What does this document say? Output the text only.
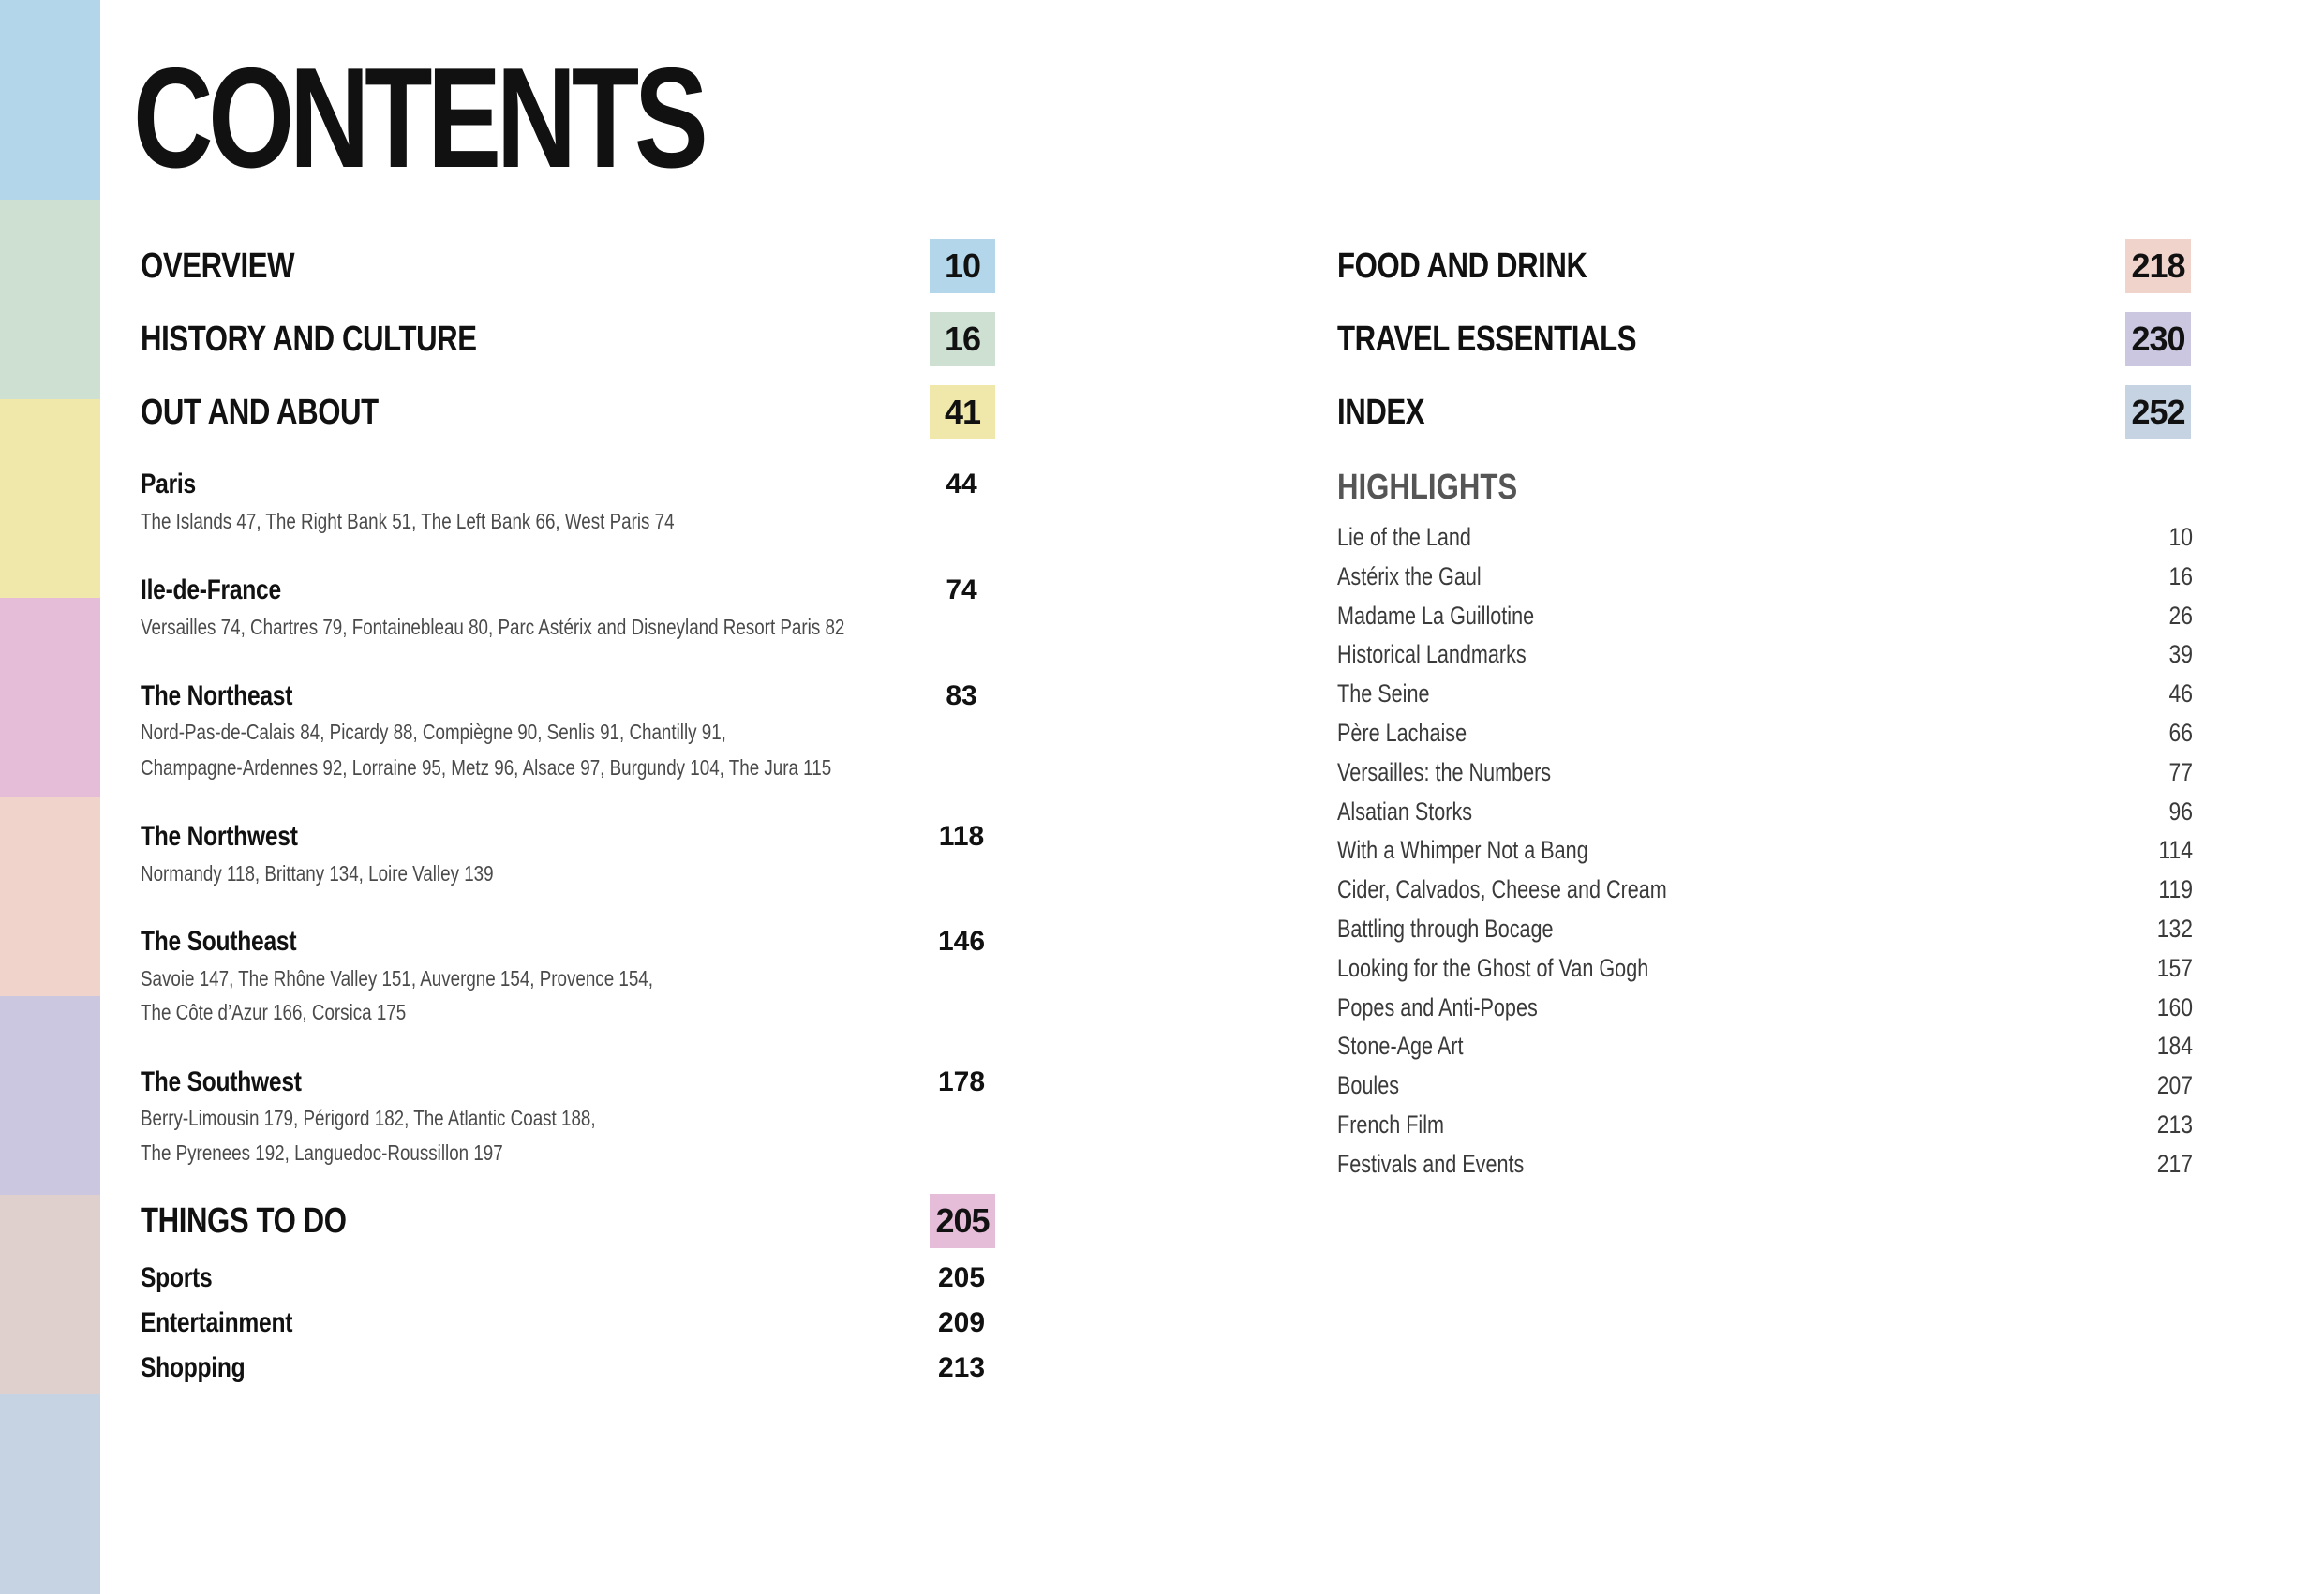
CONTENTS
OVERVIEW	10
HISTORY AND CULTURE	16
OUT AND ABOUT	41
Paris	44
The Islands 47, The Right Bank 51, The Left Bank 66, West Paris 74
Ile-de-France	74
Versailles 74, Chartres 79, Fontainebleau 80, Parc Astérix and Disneyland Resort Paris 82
The Northeast	83
Nord-Pas-de-Calais 84, Picardy 88, Compiègne 90, Senlis 91, Chantilly 91,
Champagne-Ardennes 92, Lorraine 95, Metz 96, Alsace 97, Burgundy 104, The Jura 115
The Northwest	118
Normandy 118, Brittany 134, Loire Valley 139
The Southeast	146
Savoie 147, The Rhône Valley 151, Auvergne 154, Provence 154,
The Côte d’Azur 166, Corsica 175
The Southwest	178
Berry-Limousin 179, Périgord 182, The Atlantic Coast 188,
The Pyrenees 192, Languedoc-Roussillon 197
THINGS TO DO	205
Sports	205
Entertainment	209
Shopping	213
FOOD AND DRINK	218
TRAVEL ESSENTIALS	230
INDEX	252
HIGHLIGHTS
Lie of the Land	10
Astérix the Gaul	16
Madame La Guillotine	26
Historical Landmarks	39
The Seine	46
Père Lachaise	66
Versailles: the Numbers	77
Alsatian Storks	96
With a Whimper Not a Bang	114
Cider, Calvados, Cheese and Cream	119
Battling through Bocage	132
Looking for the Ghost of Van Gogh	157
Popes and Anti-Popes	160
Stone-Age Art	184
Boules	207
French Film	213
Festivals and Events	217
